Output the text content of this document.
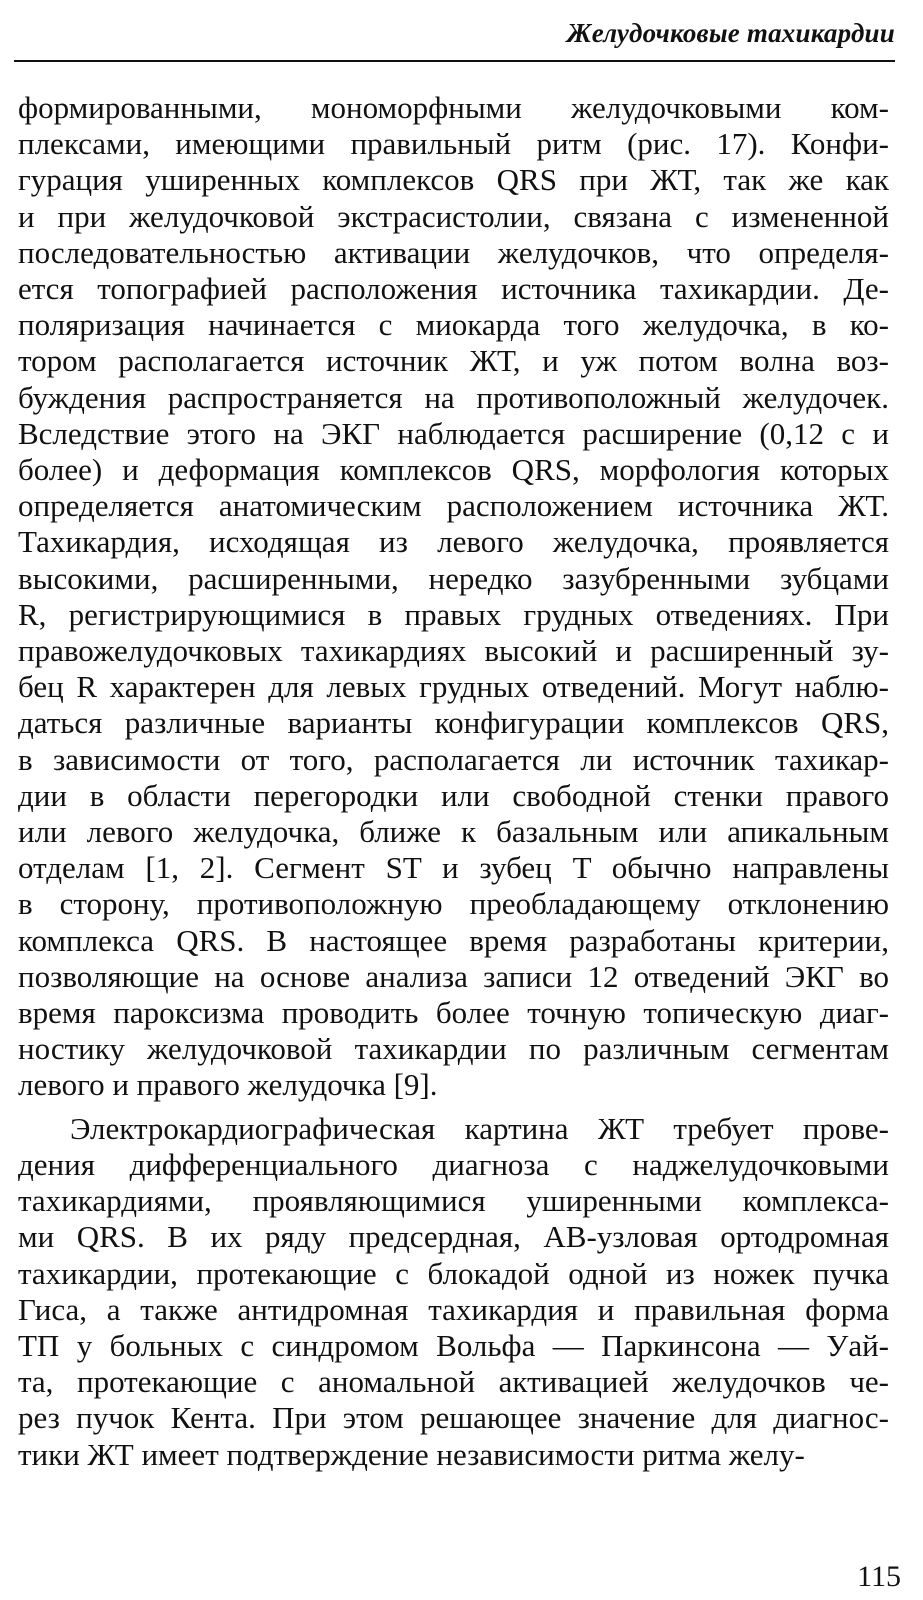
Желудочковые тахикардии

формированными, мономорфными желудочковыми ком-
плексами, имеющими правильный ритм (рис. 17). Конфи-
гурация уширенных комплексов QRS при ЖТ, так же как
и при желудочковой экстрасистолии, связана с измененной
последовательностью активации желудочков, что определя-
ется топографией расположения источника тахикардии. Де-
поляризация начинается с миокарда того желудочка, в ко-
тором располагается источник ЖТ, и уж потом волна воз-
буждения распространяется на противоположный желудочек.
Вследствие этого на ЭКГ наблюдается расширение (0,12 с и
более) и деформация комплексов QRS, морфология которых
определяется анатомическим расположением источника ЖТ.
Тахикардия, исходящая из левого желудочка, проявляется
высокими, расширенными, нередко зазубренными зубцами
R, регистрирующимися в правых грудных отведениях. При
правожелудочковых тахикардиях высокий и расширенный зу-
бец R характерен для левых грудных отведений. Могут наблю-
даться различные варианты конфигурации комплексов QRS,
в зависимости от того, располагается ли источник тахикар-
дии в области перегородки или свободной стенки правого
или левого желудочка, ближе к базальным или апикальным
отделам [1, 2]. Сегмент ST и зубец T обычно направлены
в сторону, противоположную преобладающему отклонению
комплекса QRS. В настоящее время разработаны критерии,
позволяющие на основе анализа записи 12 отведений ЭКГ во
время пароксизма проводить более точную топическую диаг-
ностику желудочковой тахикардии по различным сегментам
левого и правого желудочка [9].

Электрокардиографическая картина ЖТ требует прове-
дения дифференциального диагноза с наджелудочковыми
тахикардиями, проявляющимися уширенными комплекса-
ми QRS. В их ряду предсердная, АВ-узловая ортодромная
тахикардии, протекающие с блокадой одной из ножек пучка
Гиса, а также антидромная тахикардия и правильная форма
ТП у больных с синдромом Вольфа — Паркинсона — Уай-
та, протекающие с аномальной активацией желудочков че-
рез пучок Кента. При этом решающее значение для диагнос-
тики ЖТ имеет подтверждение независимости ритма желу-

115
